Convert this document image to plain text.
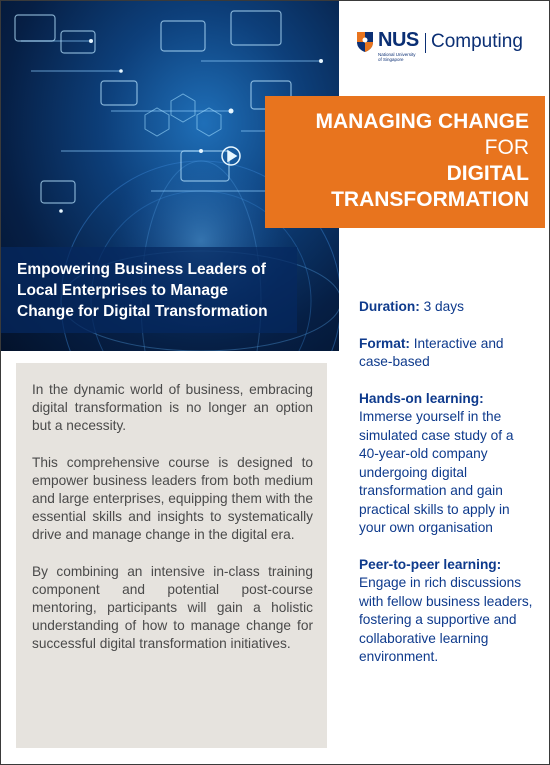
Empowering Business Leaders of
Local Enterprises to Manage
Change for Digital Transformation
NUS
National University of Singapore
Computing
MANAGING CHANGE
FOR
DIGITAL
TRANSFORMATION

In the dynamic world of business, embracing digital transformation is no longer an option but a necessity.

This comprehensive course is designed to empower business leaders from both medium and large enterprises, equipping them with the essential skills and insights to systematically drive and manage change in the digital era.

By combining an intensive in-class training component and potential post-course mentoring, participants will gain a holistic understanding of how to manage change for successful digital transformation initiatives.

Duration: 3 days
Format: Interactive and case-based
Hands-on learning:
Immerse yourself in the simulated case study of a 40-year-old company undergoing digital transformation and gain practical skills to apply in your own organisation
Peer-to-peer learning:
Engage in rich discussions with fellow business leaders, fostering a supportive and collaborative learning environment.
